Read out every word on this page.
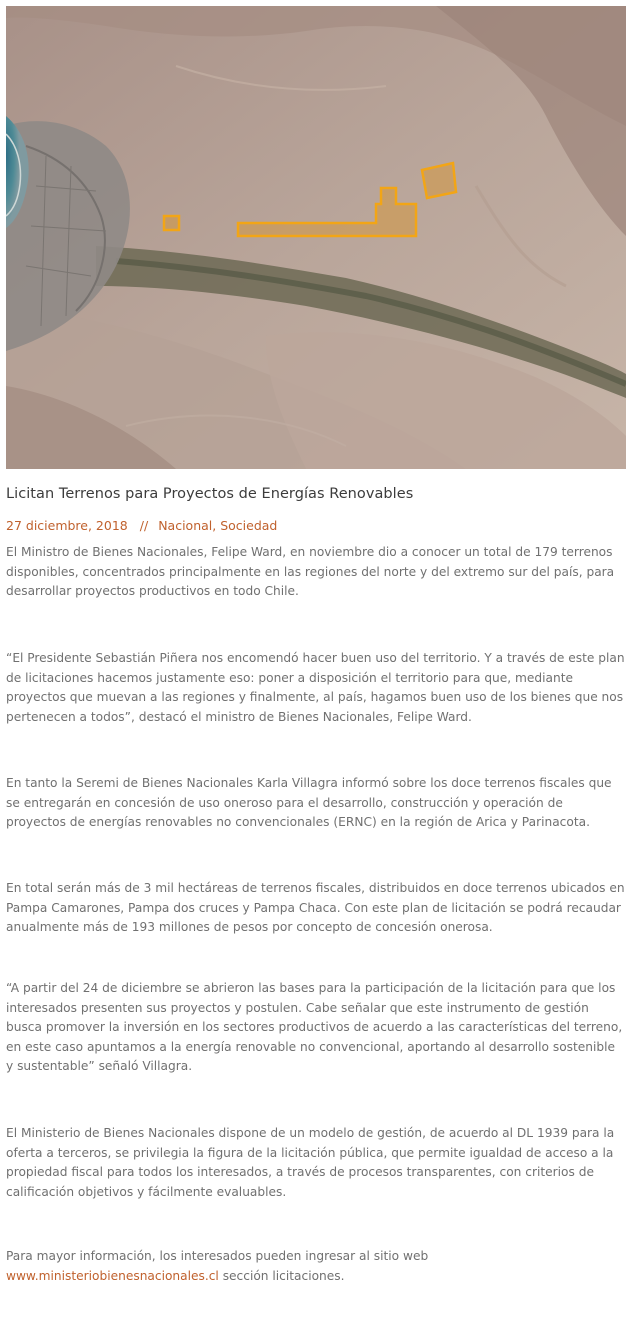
Licitan Terrenos para Proyectos de Energías Renovables
27 diciembre, 2018 // Nacional, Sociedad

El Ministro de Bienes Nacionales, Felipe Ward, en noviembre dio a conocer un total de 179 terrenos disponibles, concentrados principalmente en las regiones del norte y del extremo sur del país, para desarrollar proyectos productivos en todo Chile.

“El Presidente Sebastián Piñera nos encomendó hacer buen uso del territorio. Y a través de este plan de licitaciones hacemos justamente eso: poner a disposición el territorio para que, mediante proyectos que muevan a las regiones y finalmente, al país, hagamos buen uso de los bienes que nos pertenecen a todos”, destacó el ministro de Bienes Nacionales, Felipe Ward.

En tanto la Seremi de Bienes Nacionales Karla Villagra informó sobre los doce terrenos fiscales que se entregarán en concesión de uso oneroso para el desarrollo, construcción y operación de proyectos de energías renovables no convencionales (ERNC) en la región de Arica y Parinacota.

En total serán más de 3 mil hectáreas de terrenos fiscales, distribuidos en doce terrenos ubicados en Pampa Camarones, Pampa dos cruces y Pampa Chaca. Con este plan de licitación se podrá recaudar anualmente más de 193 millones de pesos por concepto de concesión onerosa.

“A partir del 24 de diciembre se abrieron las bases para la participación de la licitación para que los interesados presenten sus proyectos y postulen. Cabe señalar que este instrumento de gestión busca promover la inversión en los sectores productivos de acuerdo a las características del terreno, en este caso apuntamos a la energía renovable no convencional, aportando al desarrollo sostenible y sustentable” señaló Villagra.

El Ministerio de Bienes Nacionales dispone de un modelo de gestión, de acuerdo al DL 1939 para la oferta a terceros, se privilegia la figura de la licitación pública, que permite igualdad de acceso a la propiedad fiscal para todos los interesados, a través de procesos transparentes, con criterios de calificación objetivos y fácilmente evaluables.

Para mayor información, los interesados pueden ingresar al sitio web www.ministeriobienesnacionales.cl sección licitaciones.
